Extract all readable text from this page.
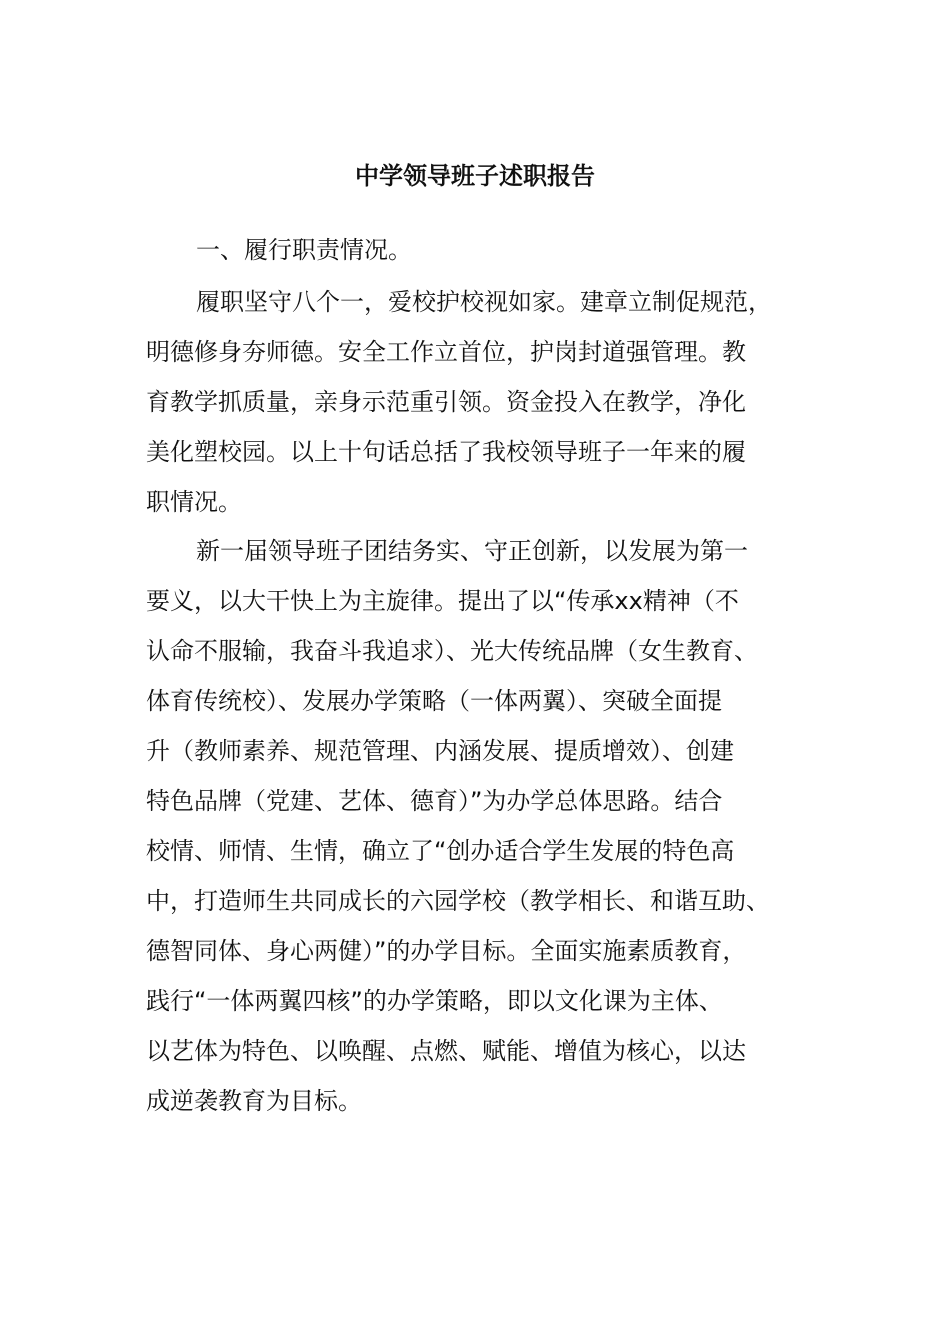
中学领导班子述职报告

一、履行职责情况。

履职坚守八个一，爱校护校视如家。建章立制促规范，
明德修身夯师德。安全工作立首位，护岗封道强管理。教
育教学抓质量，亲身示范重引领。资金投入在教学，净化
美化塑校园。以上十句话总括了我校领导班子一年来的履
职情况。
新一届领导班子团结务实、守正创新，以发展为第一
要义，以大干快上为主旋律。提出了以“传承xx精神（不
认命不服输，我奋斗我追求）、光大传统品牌（女生教育、
体育传统校）、发展办学策略（一体两翼）、突破全面提
升（教师素养、规范管理、内涵发展、提质增效）、创建
特色品牌（党建、艺体、德育）”为办学总体思路。结合
校情、师情、生情，确立了“创办适合学生发展的特色高
中，打造师生共同成长的六园学校（教学相长、和谐互助、
德智同体、身心两健）”的办学目标。全面实施素质教育，
践行“一体两翼四核”的办学策略，即以文化课为主体、
以艺体为特色、以唤醒、点燃、赋能、增值为核心，以达
成逆袭教育为目标。
